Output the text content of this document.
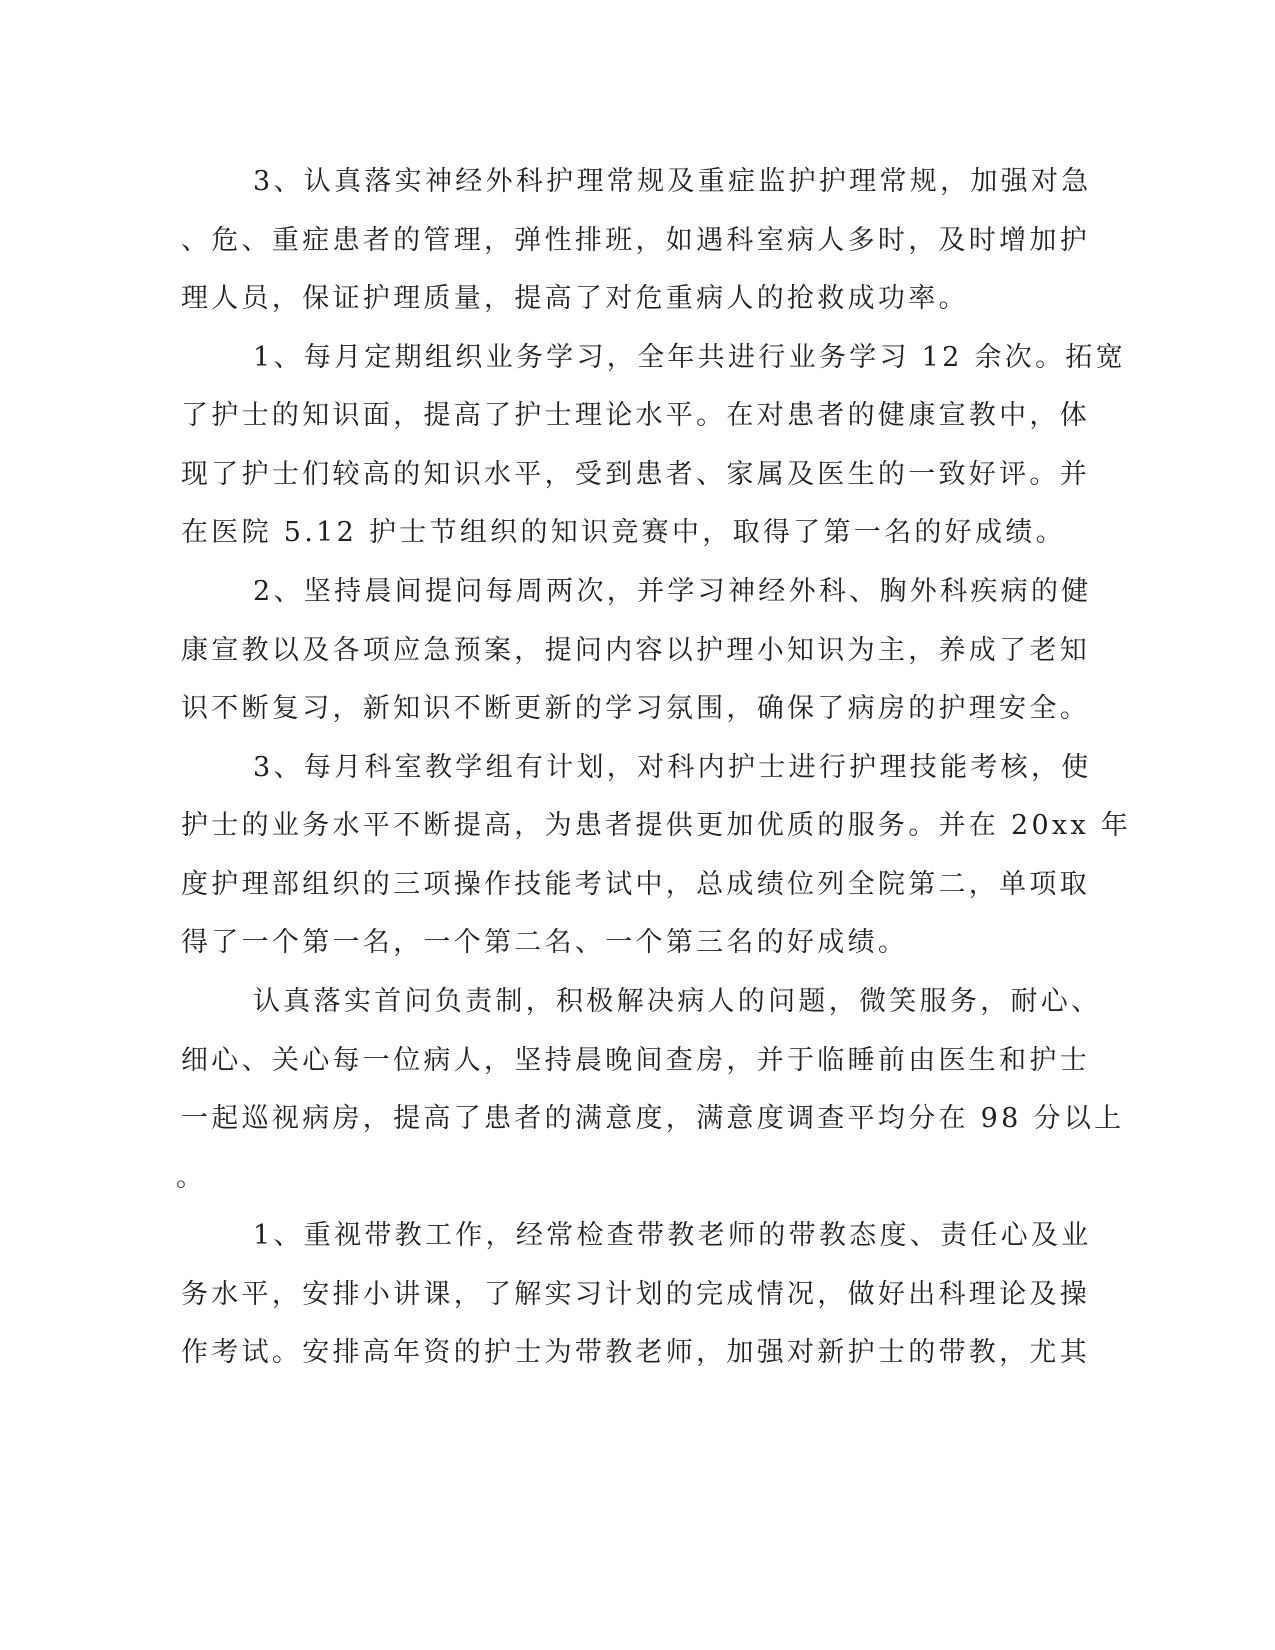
3、认真落实神经外科护理常规及重症监护护理常规，加强对急

、危、重症患者的管理，弹性排班，如遇科室病人多时，及时增加护

理人员，保证护理质量，提高了对危重病人的抢救成功率。

1、每月定期组织业务学习，全年共进行业务学习 12 余次。拓宽

了护士的知识面，提高了护士理论水平。在对患者的健康宣教中，体

现了护士们较高的知识水平，受到患者、家属及医生的一致好评。并

在医院 5.12 护士节组织的知识竞赛中，取得了第一名的好成绩。

2、坚持晨间提问每周两次，并学习神经外科、胸外科疾病的健

康宣教以及各项应急预案，提问内容以护理小知识为主，养成了老知

识不断复习，新知识不断更新的学习氛围，确保了病房的护理安全。

3、每月科室教学组有计划，对科内护士进行护理技能考核，使

护士的业务水平不断提高，为患者提供更加优质的服务。并在 20xx 年

度护理部组织的三项操作技能考试中，总成绩位列全院第二，单项取

得了一个第一名，一个第二名、一个第三名的好成绩。

认真落实首问负责制，积极解决病人的问题，微笑服务，耐心、

细心、关心每一位病人，坚持晨晚间查房，并于临睡前由医生和护士

一起巡视病房，提高了患者的满意度，满意度调查平均分在 98 分以上

。

1、重视带教工作，经常检查带教老师的带教态度、责任心及业

务水平，安排小讲课，了解实习计划的完成情况，做好出科理论及操

作考试。安排高年资的护士为带教老师，加强对新护士的带教，尤其
